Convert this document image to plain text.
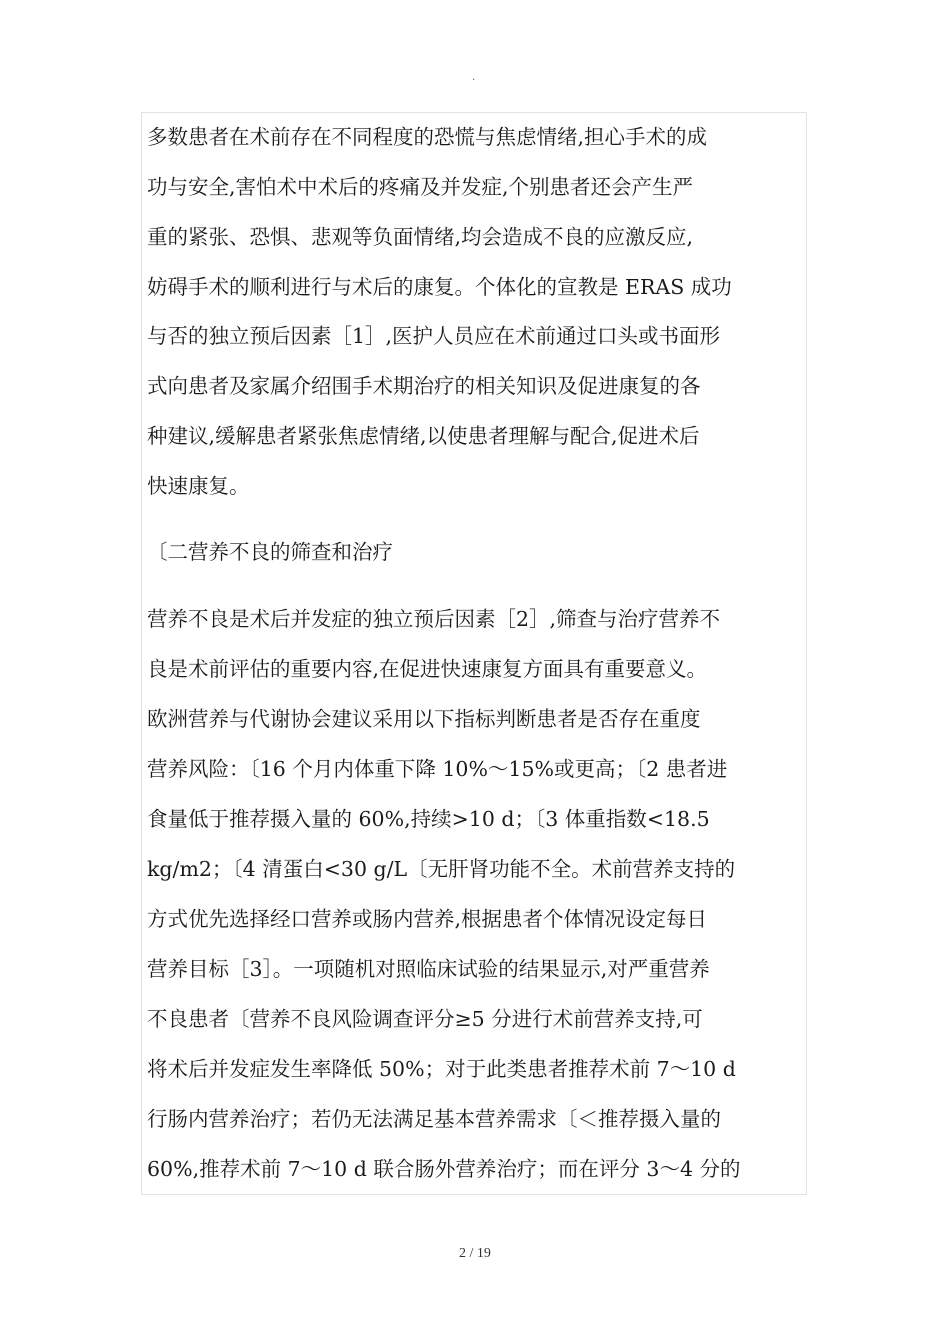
.
多数患者在术前存在不同程度的恐慌与焦虑情绪,担心手术的成
功与安全,害怕术中术后的疼痛及并发症,个别患者还会产生严
重的紧张、恐惧、悲观等负面情绪,均会造成不良的应激反应,
妨碍手术的顺利进行与术后的康复。个体化的宣教是 ERAS 成功
与否的独立预后因素［1］,医护人员应在术前通过口头或书面形
式向患者及家属介绍围手术期治疗的相关知识及促进康复的各
种建议,缓解患者紧张焦虑情绪,以使患者理解与配合,促进术后
快速康复。
〔二营养不良的筛查和治疗
营养不良是术后并发症的独立预后因素［2］,筛查与治疗营养不
良是术前评估的重要内容,在促进快速康复方面具有重要意义。
欧洲营养与代谢协会建议采用以下指标判断患者是否存在重度
营养风险：〔16 个月内体重下降 10%～15%或更高；〔2 患者进
食量低于推荐摄入量的 60%,持续>10 d；〔3 体重指数<18.5
kg/m2；〔4 清蛋白<30 g/L〔无肝肾功能不全。术前营养支持的
方式优先选择经口营养或肠内营养,根据患者个体情况设定每日
营养目标［3］。一项随机对照临床试验的结果显示,对严重营养
不良患者〔营养不良风险调查评分≥5 分进行术前营养支持,可
将术后并发症发生率降低 50%；对于此类患者推荐术前 7～10 d
行肠内营养治疗；若仍无法满足基本营养需求〔＜推荐摄入量的
60%,推荐术前 7～10 d 联合肠外营养治疗；而在评分 3～4 分的
2 / 19
